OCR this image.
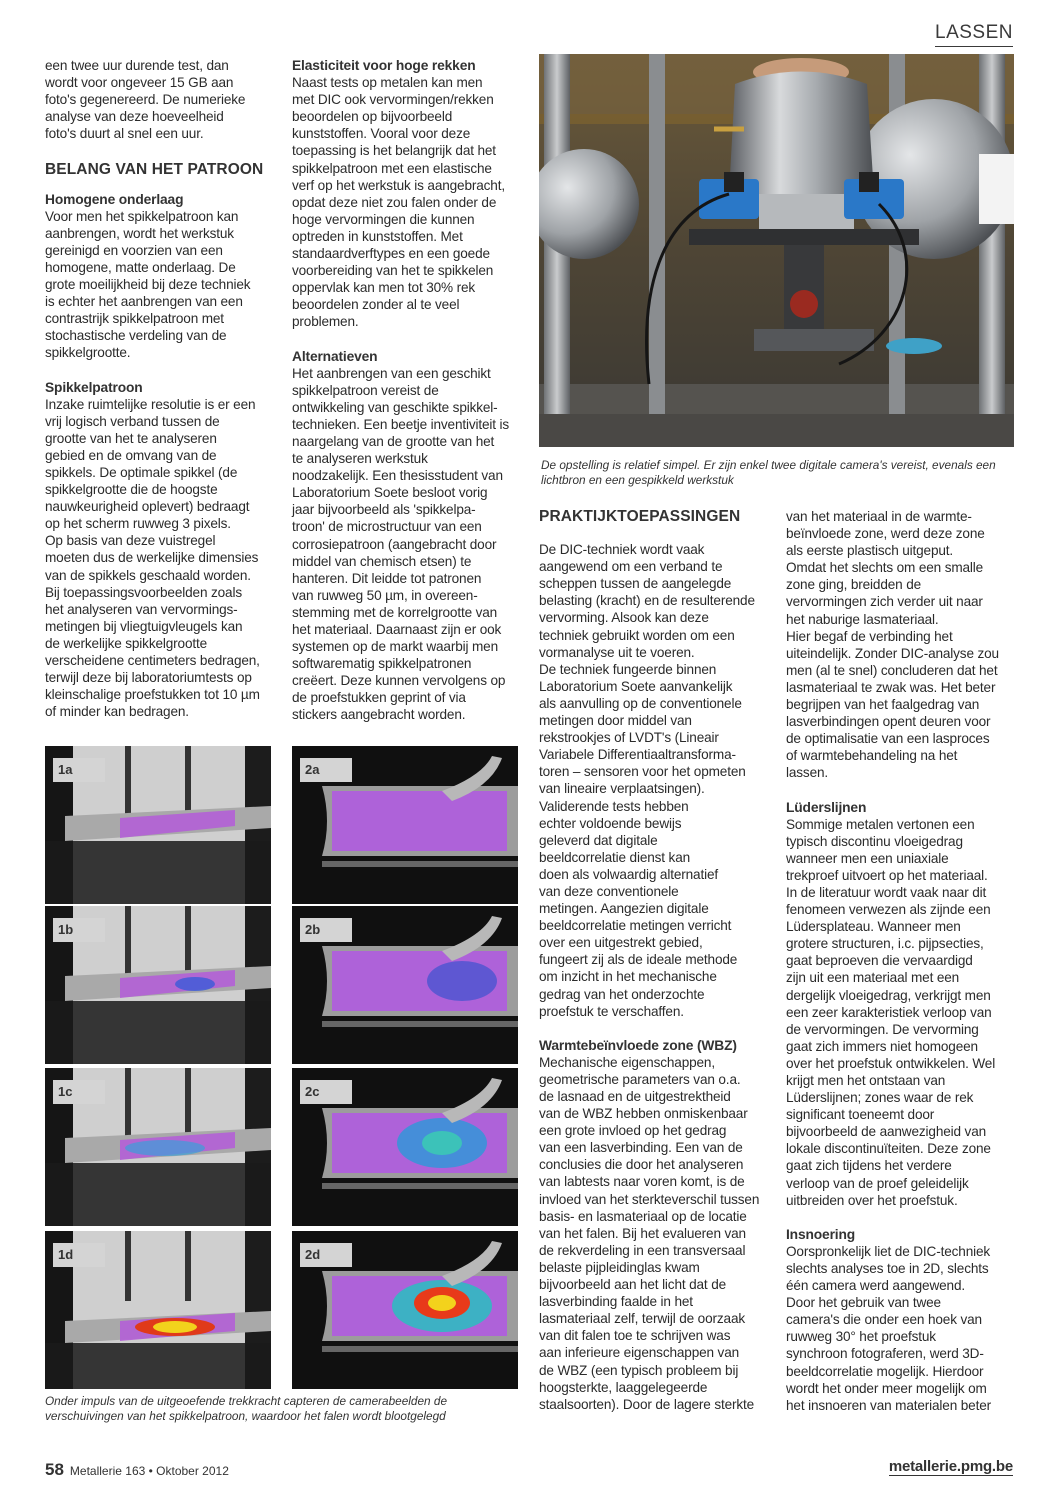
LASSEN

een twee uur durende test, dan
wordt voor ongeveer 15 GB aan
foto's gegenereerd. De numerieke
analyse van deze hoeveelheid
foto's duurt al snel een uur.

BELANG VAN HET PATROON
Homogene onderlaag

Voor men het spikkelpatroon kan
aanbrengen, wordt het werkstuk
gereinigd en voorzien van een
homogene, matte onderlaag. De
grote moeilijkheid bij deze techniek
is echter het aanbrengen van een
contrastrijk spikkelpatroon met
stochastische verdeling van de
spikkelgrootte.

Spikkelpatroon

Inzake ruimtelijke resolutie is er een
vrij logisch verband tussen de
grootte van het te analyseren
gebied en de omvang van de
spikkels. De optimale spikkel (de
spikkelgrootte die de hoogste
nauwkeurigheid oplevert) bedraagt
op het scherm ruwweg 3 pixels.
Op basis van deze vuistregel
moeten dus de werkelijke dimensies
van de spikkels geschaald worden.
Bij toepassingsvoorbeelden zoals
het analyseren van vervormings-
metingen bij vliegtuigvleugels kan
de werkelijke spikkelgrootte
verscheidene centimeters bedragen,
terwijl deze bij laboratoriumtests op
kleinschalige proefstukken tot 10 µm
of minder kan bedragen.

Elasticiteit voor hoge rekken

Naast tests op metalen kan men
met DIC ook vervormingen/rekken
beoordelen op bijvoorbeeld
kunststoffen. Vooral voor deze
toepassing is het belangrijk dat het
spikkelpatroon met een elastische
verf op het werkstuk is aangebracht,
opdat deze niet zou falen onder de
hoge vervormingen die kunnen
optreden in kunststoffen. Met
standaardverftypes en een goede
voorbereiding van het te spikkelen
oppervlak kan men tot 30% rek
beoordelen zonder al te veel
problemen.

Alternatieven

Het aanbrengen van een geschikt
spikkelpatroon vereist de
ontwikkeling van geschikte spikkel-
technieken. Een beetje inventiviteit is
naargelang van de grootte van het
te analyseren werkstuk
noodzakelijk. Een thesisstudent van
Laboratorium Soete besloot vorig
jaar bijvoorbeeld als 'spikkelpa-
troon' de microstructuur van een
corrosiepatroon (aangebracht door
middel van chemisch etsen) te
hanteren. Dit leidde tot patronen
van ruwweg 50 µm, in overeen-
stemming met de korrelgrootte van
het materiaal. Daarnaast zijn er ook
systemen op de markt waarbij men
softwarematig spikkelpatronen
creëert. Deze kunnen vervolgens op
de proefstukken geprint of via
stickers aangebracht worden.

De opstelling is relatief simpel. Er zijn enkel twee digitale camera's vereist, evenals een
lichtbron en een gespikkeld werkstuk
PRAKTIJKTOEPASSINGEN

De DIC-techniek wordt vaak
aangewend om een verband te
scheppen tussen de aangelegde
belasting (kracht) en de resulterende
vervorming. Alsook kan deze
techniek gebruikt worden om een
vormanalyse uit te voeren.
De techniek fungeerde binnen
Laboratorium Soete aanvankelijk
als aanvulling op de conventionele
metingen door middel van
rekstrookjes of LVDT's (Lineair
Variabele Differentiaaltransforma-
toren – sensoren voor het opmeten
van lineaire verplaatsingen).
Validerende tests hebben
echter voldoende bewijs
geleverd dat digitale
beeldcorrelatie dienst kan
doen als volwaardig alternatief
van deze conventionele
metingen. Aangezien digitale
beeldcorrelatie metingen verricht
over een uitgestrekt gebied,
fungeert zij als de ideale methode
om inzicht in het mechanische
gedrag van het onderzochte
proefstuk te verschaffen.

Warmtebeïnvloede zone (WBZ)

Mechanische eigenschappen,
geometrische parameters van o.a.
de lasnaad en de uitgestrektheid
van de WBZ hebben onmiskenbaar
een grote invloed op het gedrag
van een lasverbinding. Een van de
conclusies die door het analyseren
van labtests naar voren komt, is de
invloed van het sterkteverschil tussen
basis- en lasmateriaal op de locatie
van het falen. Bij het evalueren van
de rekverdeling in een transversaal
belaste pijpleidinglas kwam
bijvoorbeeld aan het licht dat de
lasverbinding faalde in het
lasmateriaal zelf, terwijl de oorzaak
van dit falen toe te schrijven was
aan inferieure eigenschappen van
de WBZ (een typisch probleem bij
hoogsterkte, laaggelegeerde
staalsoorten). Door de lagere sterkte

van het materiaal in de warmte-
beïnvloede zone, werd deze zone
als eerste plastisch uitgeput.
Omdat het slechts om een smalle
zone ging, breidden de
vervormingen zich verder uit naar
het naburige lasmateriaal.
Hier begaf de verbinding het
uiteindelijk. Zonder DIC-analyse zou
men (al te snel) concluderen dat het
lasmateriaal te zwak was. Het beter
begrijpen van het faalgedrag van
lasverbindingen opent deuren voor
de optimalisatie van een lasproces
of warmtebehandeling na het
lassen.

Lüderslijnen

Sommige metalen vertonen een
typisch discontinu vloeigedrag
wanneer men een uniaxiale
trekproef uitvoert op het materiaal.
In de literatuur wordt vaak naar dit
fenomeen verwezen als zijnde een
Lüdersplateau. Wanneer men
grotere structuren, i.c. pijpsecties,
gaat beproeven die vervaardigd
zijn uit een materiaal met een
dergelijk vloeigedrag, verkrijgt men
een zeer karakteristiek verloop van
de vervormingen. De vervorming
gaat zich immers niet homogeen
over het proefstuk ontwikkelen. Wel
krijgt men het ontstaan van
Lüderslijnen; zones waar de rek
significant toeneemt door
bijvoorbeeld de aanwezigheid van
lokale discontinuïteiten. Deze zone
gaat zich tijdens het verdere
verloop van de proef geleidelijk
uitbreiden over het proefstuk.

Insnoering

Oorspronkelijk liet de DIC-techniek
slechts analyses toe in 2D, slechts
één camera werd aangewend.
Door het gebruik van twee
camera's die onder een hoek van
ruwweg 30° het proefstuk
synchroon fotograferen, werd 3D-
beeldcorrelatie mogelijk. Hierdoor
wordt het onder meer mogelijk om
het insnoeren van materialen beter

1a
1b
1c
1d
2a
2b
2c
2d
Onder impuls van de uitgeoefende trekkracht capteren de camerabeelden de
verschuivingen van het spikkelpatroon, waardoor het falen wordt blootgelegd
58 Metallerie 163 • Oktober 2012	metallerie.pmg.be
